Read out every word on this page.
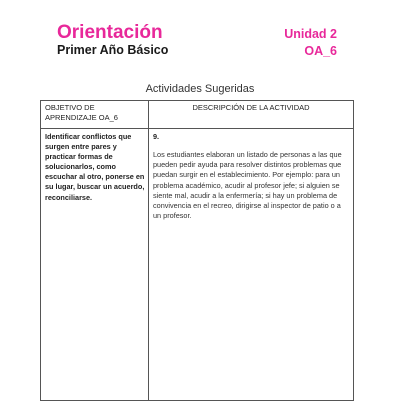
Orientación
Primer Año Básico
Unidad 2
OA_6
Actividades Sugeridas
OBJETIVO DE APRENDIZAJE OA_6
DESCRIPCIÓN DE LA ACTIVIDAD
Identificar conflictos que surgen entre pares y practicar formas de solucionarlos, como escuchar al otro, ponerse en su lugar, buscar un acuerdo, reconciliarse.
9.
Los estudiantes elaboran un listado de personas a las que pueden pedir ayuda para resolver distintos problemas que puedan surgir en el establecimiento. Por ejemplo: para un problema académico, acudir al profesor jefe; si alguien se siente mal, acudir a la enfermería; si hay un problema de convivencia en el recreo, dirigirse al inspector de patio o a un profesor.
